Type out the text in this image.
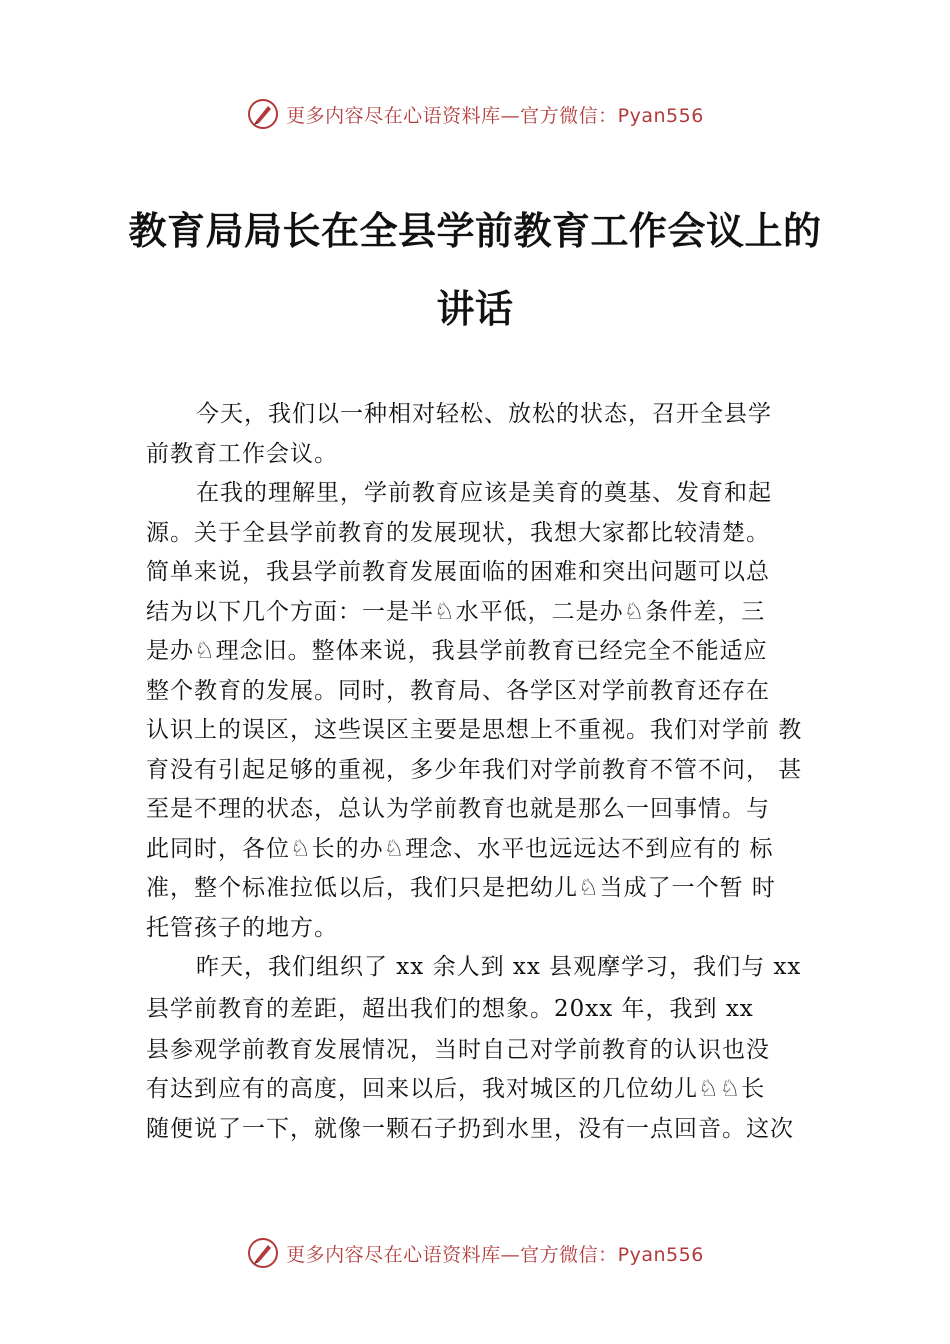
更多内容尽在心语资料库—官方微信：Pyan556
教育局局长在全县学前教育工作会议上的
讲话
今天，我们以一种相对轻松、放松的状态，召开全县学
前教育工作会议。
在我的理解里，学前教育应该是美育的奠基、发育和起
源。关于全县学前教育的发展现状，我想大家都比较清楚。
简单来说，我县学前教育发展面临的困难和突出问题可以总
结为以下几个方面：一是半♘水平低，二是办♘条件差，三
是办♘理念旧。整体来说，我县学前教育已经完全不能适应
整个教育的发展。同时，教育局、各学区对学前教育还存在
认识上的误区，这些误区主要是思想上不重视。我们对学前 教
育没有引起足够的重视，多少年我们对学前教育不管不问， 甚
至是不理的状态，总认为学前教育也就是那么一回事情。与
此同时，各位♘长的办♘理念、水平也远远达不到应有的 标
准，整个标准拉低以后，我们只是把幼儿♘当成了一个暂 时
托管孩子的地方。
昨天，我们组织了 xx 余人到 xx 县观摩学习，我们与 xx
县学前教育的差距，超出我们的想象。20xx 年，我到 xx
县参观学前教育发展情况，当时自己对学前教育的认识也没
有达到应有的高度，回来以后，我对城区的几位幼儿♘♘长
随便说了一下，就像一颗石子扔到水里，没有一点回音。这次
更多内容尽在心语资料库—官方微信：Pyan556
